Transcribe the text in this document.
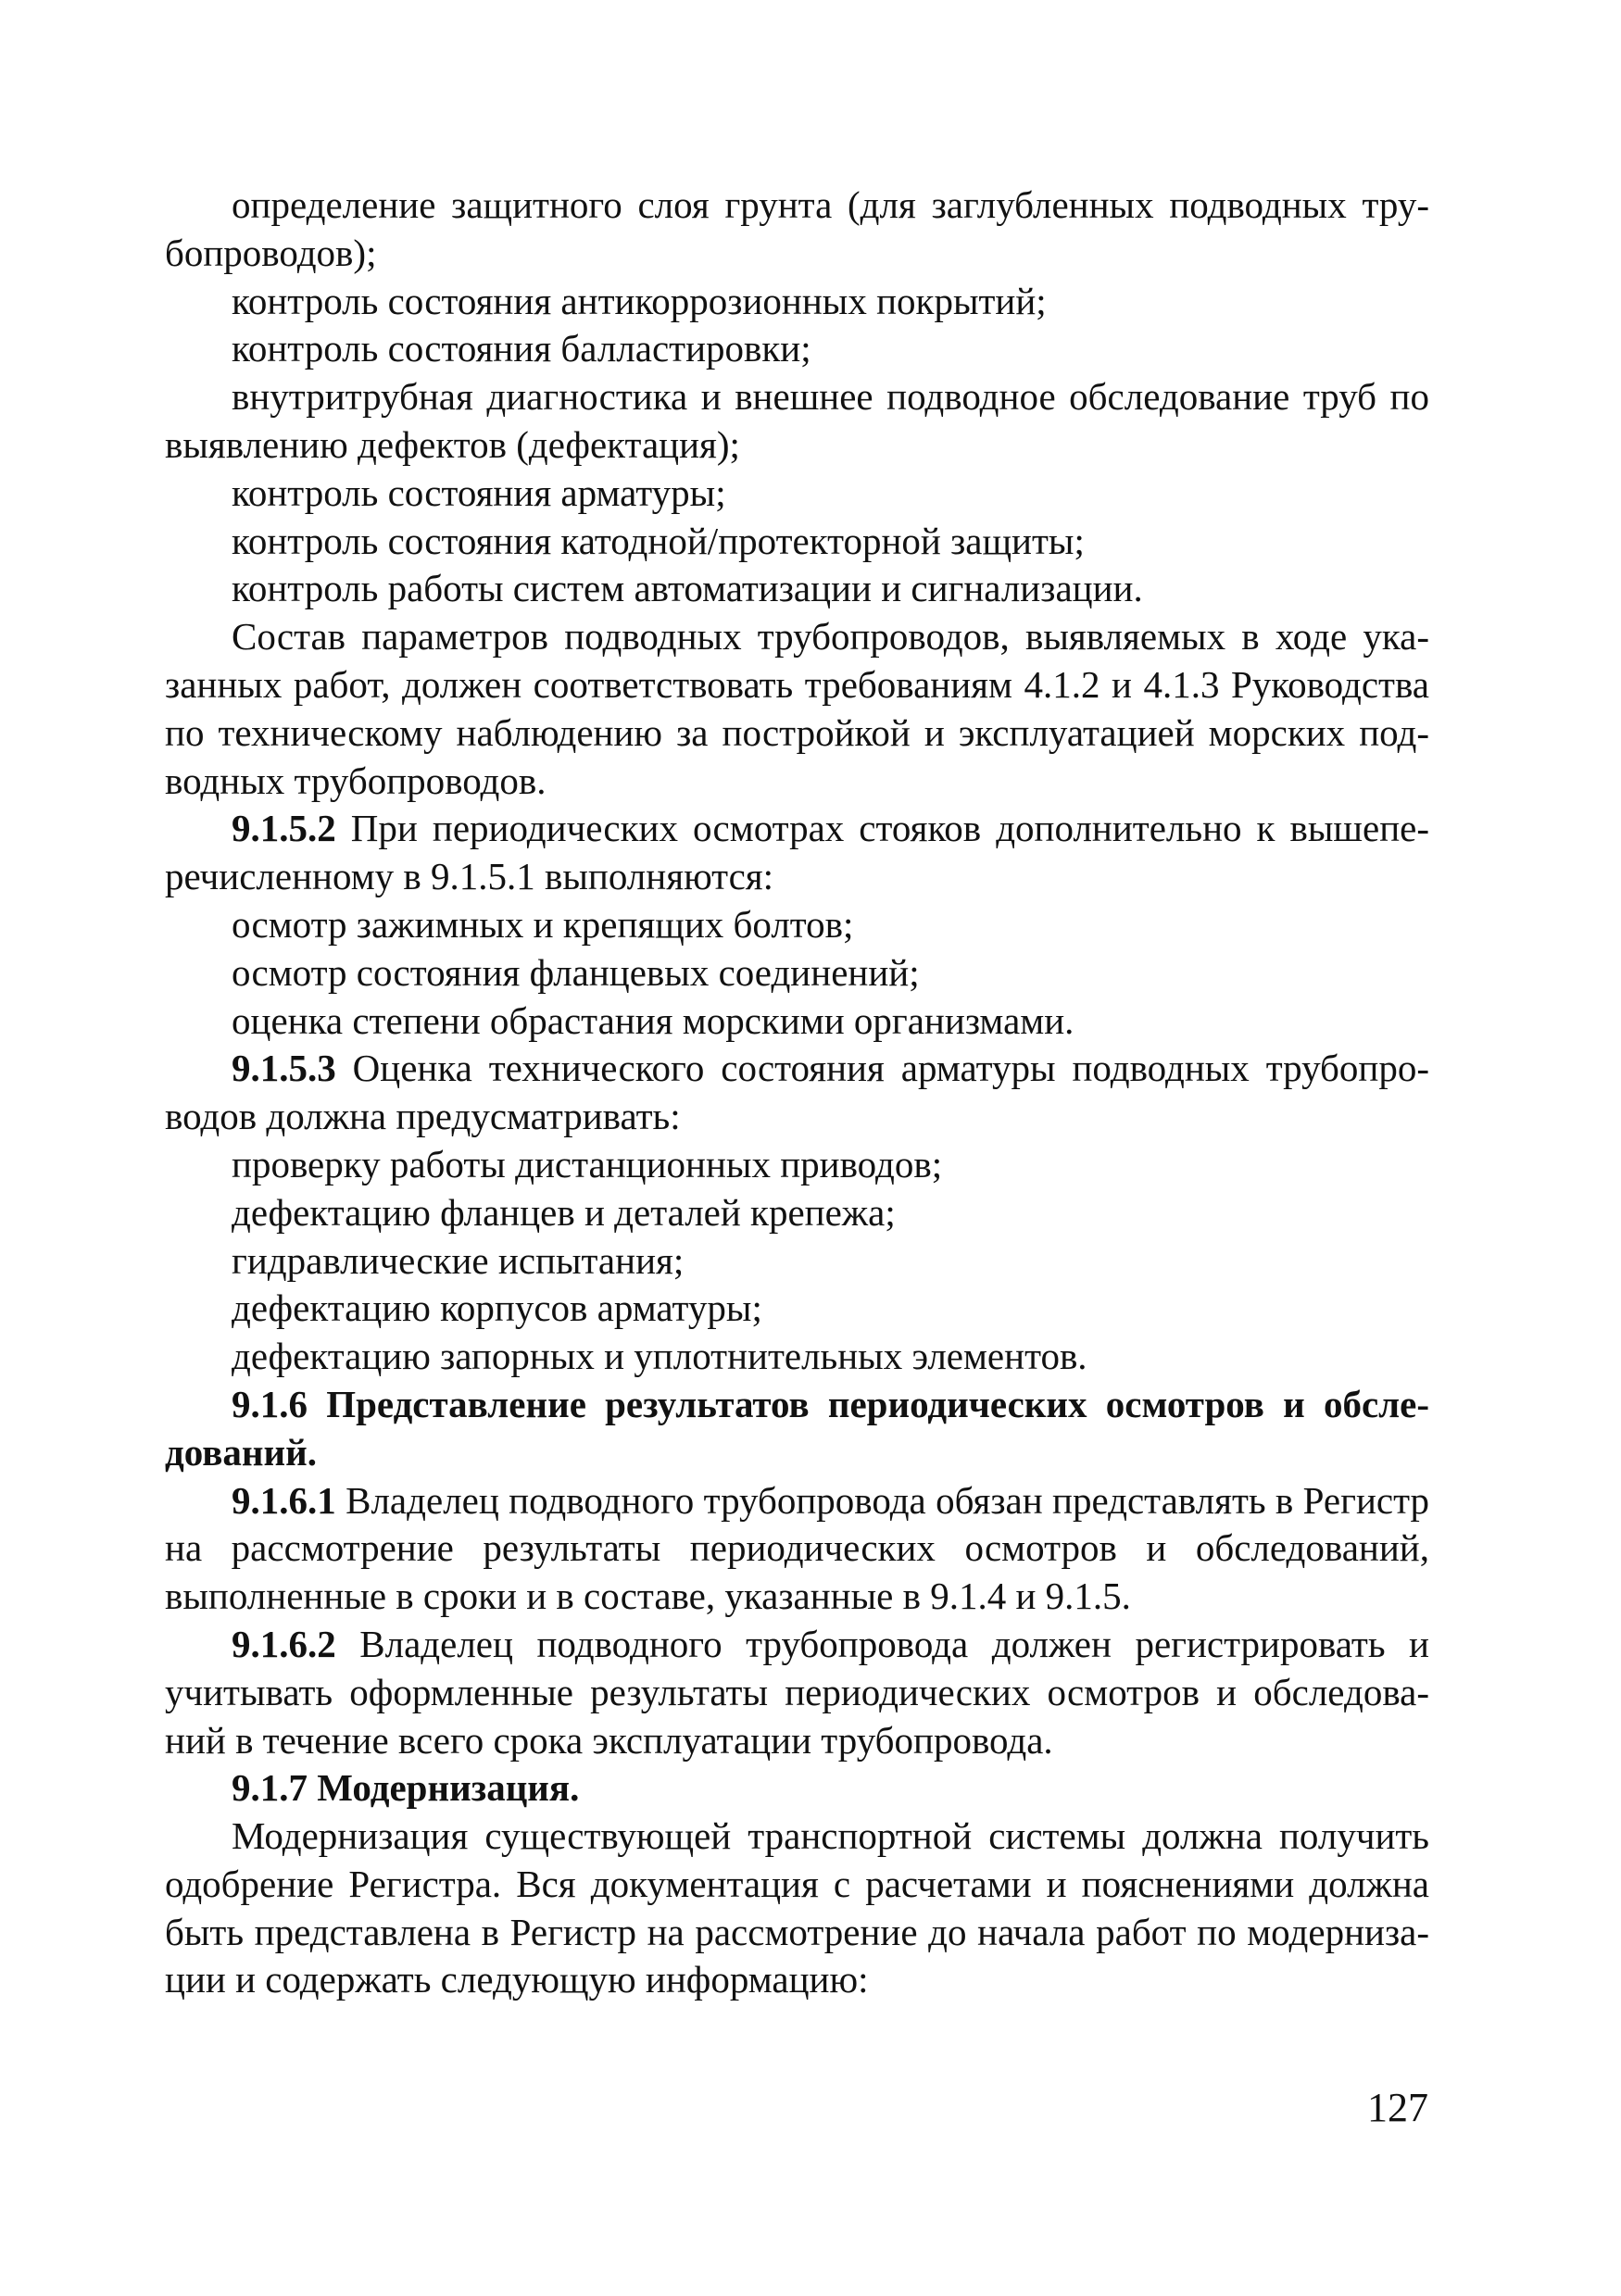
определение защитного слоя грунта (для заглубленных подводных трубопроводов);

контроль состояния антикоррозионных покрытий;

контроль состояния балластировки;

внутритрубная диагностика и внешнее подводное обследование труб по выявлению дефектов (дефектация);

контроль состояния арматуры;

контроль состояния катодной/протекторной защиты;

контроль работы систем автоматизации и сигнализации.

Состав параметров подводных трубопроводов, выявляемых в ходе указанных работ, должен соответствовать требованиям 4.1.2 и 4.1.3 Руководства по техническому наблюдению за постройкой и эксплуатацией морских подводных трубопроводов.

9.1.5.2 При периодических осмотрах стояков дополнительно к вышеперечисленному в 9.1.5.1 выполняются:

осмотр зажимных и крепящих болтов;

осмотр состояния фланцевых соединений;

оценка степени обрастания морскими организмами.

9.1.5.3 Оценка технического состояния арматуры подводных трубопроводов должна предусматривать:

проверку работы дистанционных приводов;

дефектацию фланцев и деталей крепежа;

гидравлические испытания;

дефектацию корпусов арматуры;

дефектацию запорных и уплотнительных элементов.

9.1.6 Представление результатов периодических осмотров и обследований.

9.1.6.1 Владелец подводного трубопровода обязан представлять в Регистр на рассмотрение результаты периодических осмотров и обследований, выполненные в сроки и в составе, указанные в 9.1.4 и 9.1.5.

9.1.6.2 Владелец подводного трубопровода должен регистрировать и учитывать оформленные результаты периодических осмотров и обследований в течение всего срока эксплуатации трубопровода.

9.1.7 Модернизация.

Модернизация существующей транспортной системы должна получить одобрение Регистра. Вся документация с расчетами и пояснениями должна быть представлена в Регистр на рассмотрение до начала работ по модернизации и содержать следующую информацию:

127
